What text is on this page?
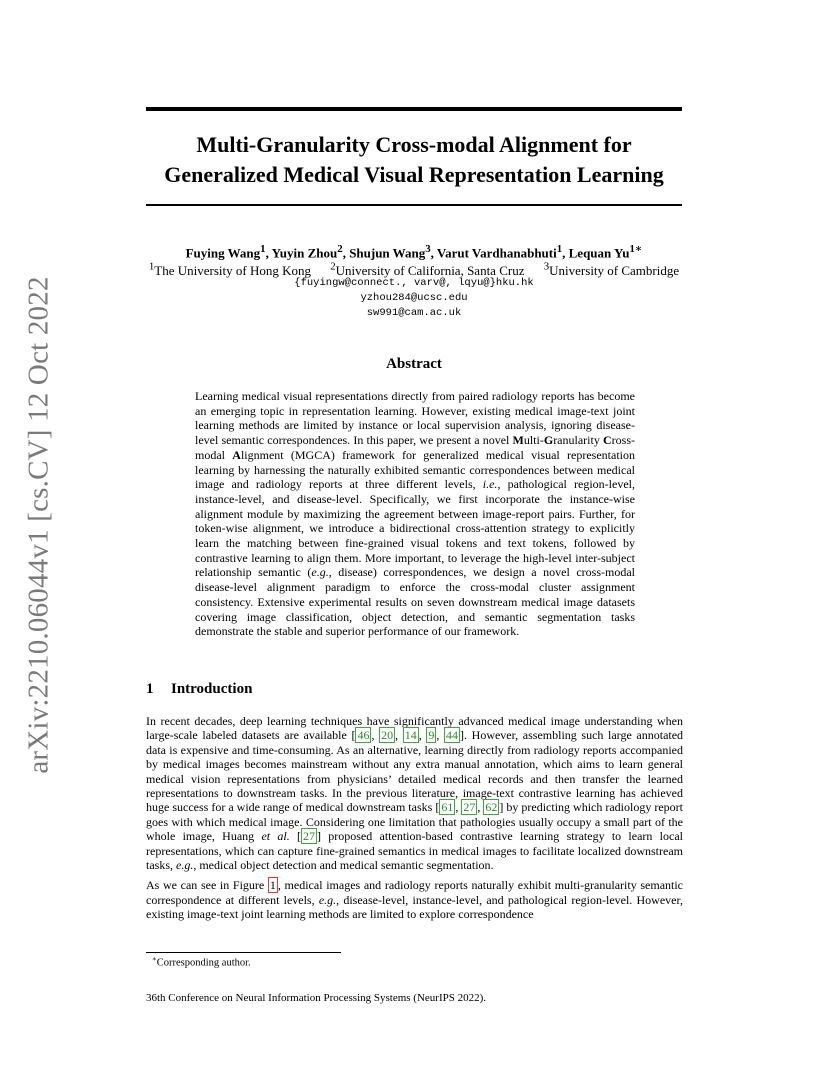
arXiv:2210.06044v1 [cs.CV] 12 Oct 2022
Multi-Granularity Cross-modal Alignment for
Generalized Medical Visual Representation Learning
Fuying Wang$^1$, Yuyin Zhou$^2$, Shujun Wang$^3$, Varut Vardhanabhuti$^1$, Lequan $Yu^{1∗}$
$^1$The University of Hong Kong $^2$University of California, Santa Cruz $^3$University of Cambridge
{fuyingw@connect., varv@, lqyu@}hku.hk
yzhou284@ucsc.edu
sw991@cam.ac.uk
Abstract

Learning medical visual representations directly from paired radiology reports has become an emerging topic in representation learning. However, existing medical image-text joint learning methods are limited by instance or local supervision analysis, ignoring disease-level semantic correspondences. In this paper, we present a novel Multi-Granularity Cross-modal Alignment (MGCA) framework for generalized medical visual representation learning by harnessing the naturally exhibited semantic correspondences between medical image and radiology reports at three different levels, i.e., pathological region-level, instance-level, and disease-level. Specifically, we first incorporate the instance-wise alignment module by maximizing the agreement between image-report pairs. Further, for token-wise alignment, we introduce a bidirectional cross-attention strategy to explicitly learn the matching between fine-grained visual tokens and text tokens, followed by contrastive learning to align them. More important, to leverage the high-level inter-subject relationship semantic (e.g., disease) correspondences, we design a novel cross-modal disease-level alignment paradigm to enforce the cross-modal cluster assignment consistency. Extensive experimental results on seven downstream medical image datasets covering image classification, object detection, and semantic segmentation tasks demonstrate the stable and superior performance of our framework.

1 Introduction

In recent decades, deep learning techniques have significantly advanced medical image understanding when large-scale labeled datasets are available [ 46 , 20 , 14 , 9 , 44 ]. However, assembling such large annotated data is expensive and time-consuming. As an alternative, learning directly from radiology reports accompanied by medical images becomes mainstream without any extra manual annotation, which aims to learn general medical vision representations from physicians’ detailed medical records and then transfer the learned representations to downstream tasks. In the previous literature, image-text contrastive learning has achieved huge success for a wide range of medical downstream tasks [ 61 , 27 , 62 ] by predicting which radiology report goes with which medical image. Considering one limitation that pathologies usually occupy a small part of the whole image, Huang et al. [ 27 ] proposed attention-based contrastive learning strategy to learn local representations, which can capture fine-grained semantics in medical images to facilitate localized downstream tasks, e.g., medical object detection and medical semantic segmentation.

As we can see in Figure 1 , medical images and radiology reports naturally exhibit multi-granularity semantic correspondence at different levels, e.g., disease-level, instance-level, and pathological region-level. However, existing image-text joint learning methods are limited to explore correspondence

∗Corresponding author.
36th Conference on Neural Information Processing Systems (NeurIPS 2022).
